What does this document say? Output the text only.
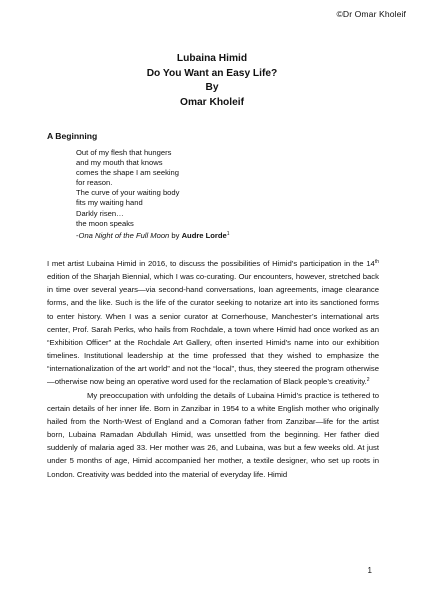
©Dr Omar Kholeif
Lubaina Himid
Do You Want an Easy Life?
By
Omar Kholeif
A Beginning
Out of my flesh that hungers
and my mouth that knows
comes the shape I am seeking
for reason.
The curve of your waiting body
fits my waiting hand
Darkly risen…
the moon speaks
-Ona Night of the Full Moon by Audre Lorde$^1$

I met artist Lubaina Himid in 2016, to discuss the possibilities of Himid’s participation in the 14th edition of the Sharjah Biennial, which I was co-curating. Our encounters, however, stretched back in time over several years—via second-hand conversations, loan agreements, image clearance forms, and the like. Such is the life of the curator seeking to notarize art into its sanctioned forms to enter history. When I was a senior curator at Cornerhouse, Manchester’s international arts center, Prof. Sarah Perks, who hails from Rochdale, a town where Himid had once worked as an “Exhibition Officer” at the Rochdale Art Gallery, often inserted Himid’s name into our exhibition timelines. Institutional leadership at the time professed that they wished to emphasize the “internationalization of the art world” and not the “local”, thus, they steered the program otherwise—otherwise now being an operative word used for the reclamation of Black people’s creativity.$^2$

My preoccupation with unfolding the details of Lubaina Himid’s practice is tethered to certain details of her inner life. Born in Zanzibar in 1954 to a white English mother who originally hailed from the North-West of England and a Comoran father from Zanzibar—life for the artist born, Lubaina Ramadan Abdullah Himid, was unsettled from the beginning. Her father died suddenly of malaria aged 33. Her mother was 26, and Lubaina, was but a few weeks old. At just under 5 months of age, Himid accompanied her mother, a textile designer, who set up roots in London. Creativity was bedded into the material of everyday life. Himid

1
